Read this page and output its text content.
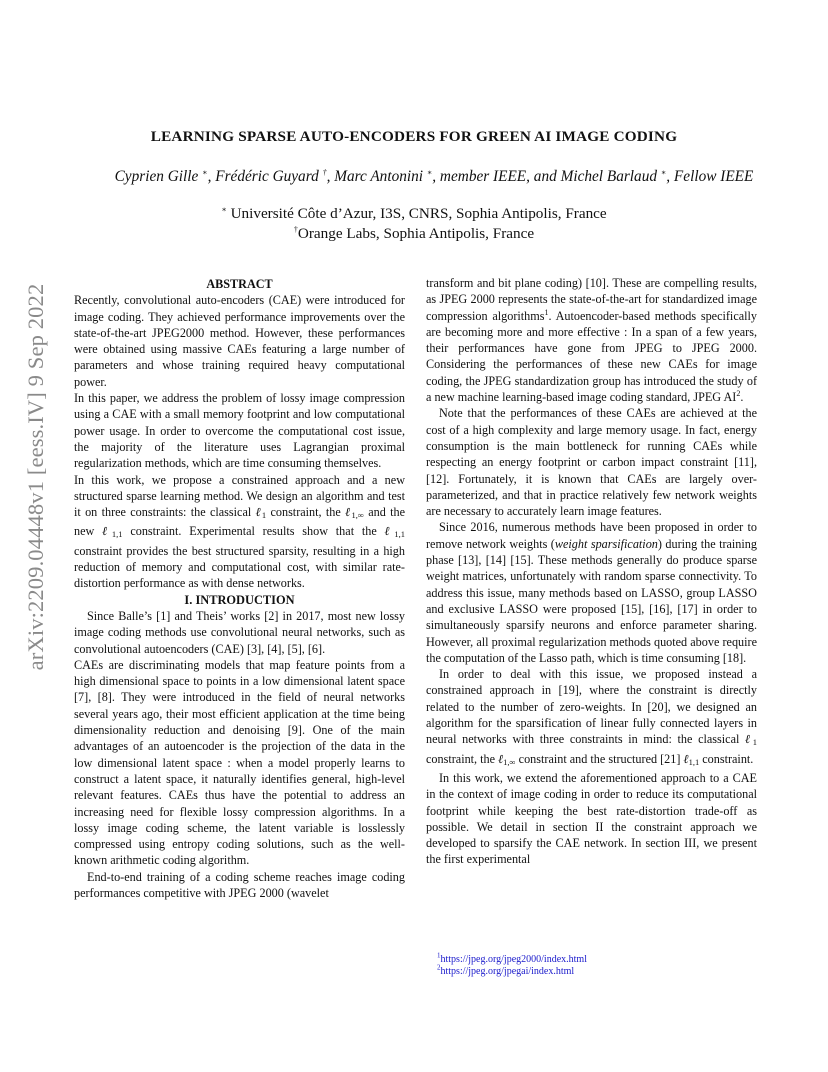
arXiv:2209.04448v1 [eess.IV] 9 Sep 2022
LEARNING SPARSE AUTO-ENCODERS FOR GREEN AI IMAGE CODING
Cyprien Gille ∗, Frédéric Guyard †, Marc Antonini ∗, member IEEE, and Michel Barlaud ∗, Fellow IEEE
∗ Université Côte d’Azur, I3S, CNRS, Sophia Antipolis, France
†Orange Labs, Sophia Antipolis, France

ABSTRACT

Recently, convolutional auto-encoders (CAE) were introduced for image coding. They achieved performance improvements over the state-of-the-art JPEG2000 method. However, these performances were obtained using massive CAEs featuring a large number of parameters and whose training required heavy computational power.

In this paper, we address the problem of lossy image compression using a CAE with a small memory footprint and low computational power usage. In order to overcome the computational cost issue, the majority of the literature uses Lagrangian proximal regularization methods, which are time consuming themselves.

In this work, we propose a constrained approach and a new structured sparse learning method. We design an algorithm and test it on three constraints: the classical ℓ$_1$ constraint, the ℓ$_{1,\infty}$ and the new ℓ$_{1,1}$ constraint. Experimental results show that the ℓ$_{1,1}$ constraint provides the best structured sparsity, resulting in a high reduction of memory and computational cost, with similar rate-distortion performance as with dense networks.

I. INTRODUCTION

Since Balle’s [1] and Theis’ works [2] in 2017, most new lossy image coding methods use convolutional neural networks, such as convolutional autoencoders (CAE) [3], [4], [5], [6].

CAEs are discriminating models that map feature points from a high dimensional space to points in a low dimensional latent space [7], [8]. They were introduced in the field of neural networks several years ago, their most efficient application at the time being dimensionality reduction and denoising [9]. One of the main advantages of an autoencoder is the projection of the data in the low dimensional latent space : when a model properly learns to construct a latent space, it naturally identifies general, high-level relevant features. CAEs thus have the potential to address an increasing need for flexible lossy compression algorithms. In a lossy image coding scheme, the latent variable is losslessly compressed using entropy coding solutions, such as the well-known arithmetic coding algorithm.

End-to-end training of a coding scheme reaches image coding performances competitive with JPEG 2000 (wavelet

transform and bit plane coding) [10]. These are compelling results, as JPEG 2000 represents the state-of-the-art for standardized image compression algorithms$^1$. Autoencoder-based methods specifically are becoming more and more effective : In a span of a few years, their performances have gone from JPEG to JPEG 2000. Considering the performances of these new CAEs for image coding, the JPEG standardization group has introduced the study of a new machine learning-based image coding standard, JPEG $AI^2$.

Note that the performances of these CAEs are achieved at the cost of a high complexity and large memory usage. In fact, energy consumption is the main bottleneck for running CAEs while respecting an energy footprint or carbon impact constraint [11], [12]. Fortunately, it is known that CAEs are largely over-parameterized, and that in practice relatively few network weights are necessary to accurately learn image features.

Since 2016, numerous methods have been proposed in order to remove network weights (weight sparsification) during the training phase [13], [14] [15]. These methods generally do produce sparse weight matrices, unfortunately with random sparse connectivity. To address this issue, many methods based on LASSO, group LASSO and exclusive LASSO were proposed [15], [16], [17] in order to simultaneously sparsify neurons and enforce parameter sharing. However, all proximal regularization methods quoted above require the computation of the Lasso path, which is time consuming [18].

In order to deal with this issue, we proposed instead a constrained approach in [19], where the constraint is directly related to the number of zero-weights. In [20], we designed an algorithm for the sparsification of linear fully connected layers in neural networks with three constraints in mind: the classical ℓ$_1$ constraint, the ℓ$_{1,\infty}$ constraint and the structured [21] ℓ$_{1,1}$ constraint.

In this work, we extend the aforementioned approach to a CAE in the context of image coding in order to reduce its computational footprint while keeping the best rate-distortion trade-off as possible. We detail in section II the constraint approach we developed to sparsify the CAE network. In section III, we present the first experimental

$^1$https://jpeg.org/jpeg2000/index.html
$^2$https://jpeg.org/jpegai/index.html
